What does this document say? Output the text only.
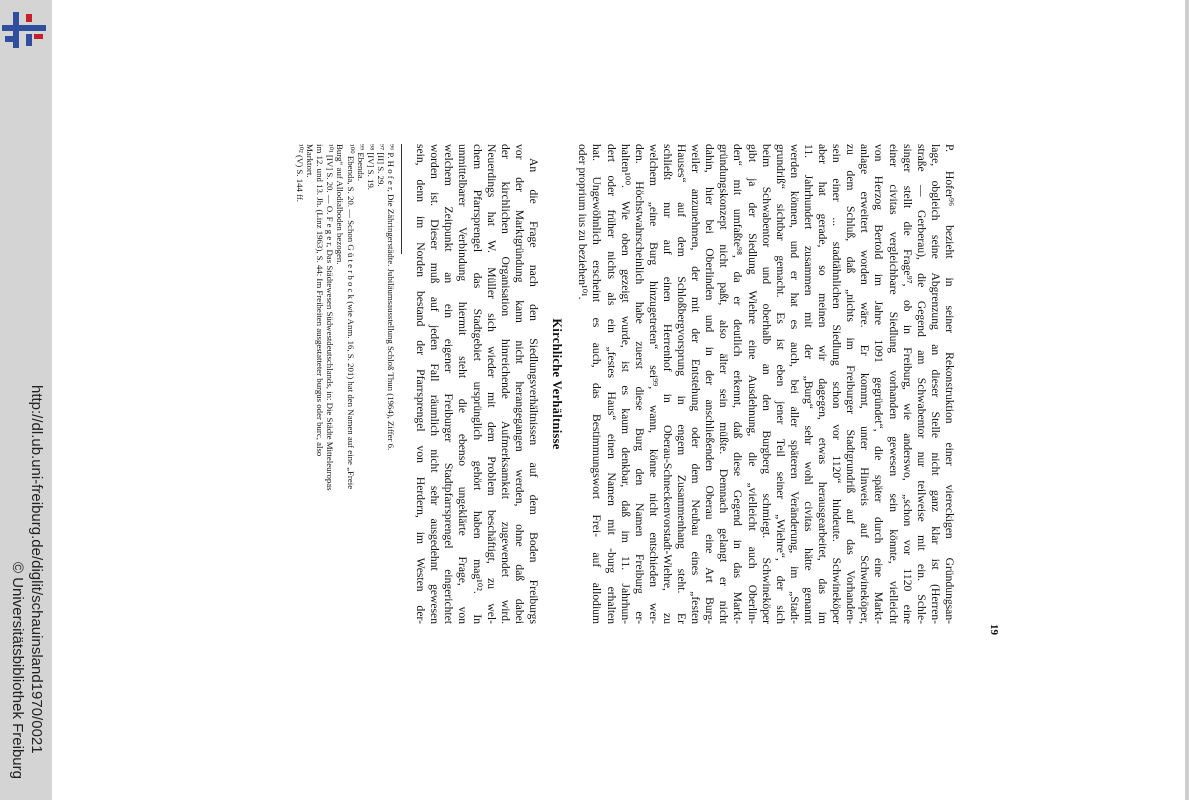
http://dl.ub.uni-freiburg.de/diglit/schauinsland1970/0021
© Universitätsbibliothek Freiburg	19
P. Hofer⁹⁶ bezieht in seiner Rekonstruktion einer viereckigen Gründungsan-
lage, obgleich seine Abgrenzung an dieser Stelle nicht ganz klar ist (Herren-
straße — Gerberau), die Gegend am Schwabentor nur teilweise mit ein. Schle-
singer stellt die Frage⁹⁷, ob in Freiburg, wie anderswo, „schon vor 1120 eine
einer civitas vergleichbare Siedlung vorhanden gewesen sein könnte, vielleicht
von Herzog Bertold im Jahre 1091 gegründet“, die später durch eine Markt-
anlage erweitert worden wäre. Er kommt, unter Hinweis auf Schwineköper,
zu dem Schluß, daß „nichts im Freiburger Stadtgrundriß auf das Vorhanden-
sein einer ... stadtähnlichen Siedlung schon vor 1120“ hindeute. Schwineköper
aber hat gerade, so meinen wir dagegen, etwas herausgearbeitet, das im
11. Jahrhundert zusammen mit der „Burg“ sehr wohl civitas hätte genannt
werden können, und er hat es auch, bei aller späteren Veränderung, im „Stadt-
grundriß“ sichtbar gemacht. Es ist eben jener Teil seiner „Wiehre“, der sich
beim Schwabentor und oberhalb an den Burgberg schmiegt. Schwineköper
gibt ja der Siedlung Wiehre eine Ausdehnung, die „vielleicht auch Oberlin-
den“ mit umfaßte⁹⁸, da er deutlich erkennt, daß diese Gegend in das Markt-
gründungskonzept nicht paßt, also älter sein müßte. Demnach gelangt er nicht
dahin, hier bei Oberlinden und in der anschließenden Oberau eine Art Burg-
weiler anzunehmen, der mit der Entstehung oder dem Neubau eines „festen
Hauses“ auf dem Schloßbergvorsprung in engem Zusammenhang steht. Er
schließt nur auf einen Herrenhof in Oberau-Schneckenvorstadt-Wiehre, zu
welchem „eine Burg hinzugetreten“ sei⁹⁹, wann, könne nicht entschieden wer-
den. Höchstwahrscheinlich habe zuerst diese Burg den Namen Freiburg er-
halten¹⁰⁰. Wie oben gezeigt wurde, ist es kaum denkbar, daß im 11. Jahrhun-
dert oder früher nichts als ein „festes Haus“ einen Namen mit -burg erhalten
hat. Ungewöhnlich erscheint es auch, das Bestimmungswort Frei- auf allodium
oder proprium ius zu beziehen¹⁰¹.
Kirchliche Verhältnisse
An die Frage nach den Siedlungsverhältnissen auf dem Boden Freiburgs
vor der Marktgründung kann nicht herangegangen werden, ohne daß dabei
der kirchlichen Organisation hinreichende Aufmerksamkeit zugewendet wird.
Neuerdings hat W. Müller sich wieder mit dem Problem beschäftigt, zu wel-
chem Pfarrsprengel das Stadtgebiet ursprünglich gehört haben mag¹⁰². In
unmittelbarer Verbindung hiermit steht die ebenso ungeklärte Frage, von
welchem Zeitpunkt an ein eigener Freiburger Stadtpfarrsprengel eingerichtet
worden ist. Dieser muß auf jeden Fall räumlich nicht sehr ausgedehnt gewesen
sein, denn im Norden bestand der Pfarrsprengel von Herdern, im Westen der-
⁹⁶ P. H o f e r, Die Zähringerstädte. Jubiläumsausstellung Schloß Thun (1964), Ziffer 6.
⁹⁷ [II] S. 29.
⁹⁸ [IV] S. 19.
⁹⁹ Ebenda.
¹⁰⁰ Ebenda, S. 20. — Schon G ü t e r b o c k (wie Anm. 16, S. 201) hat den Namen auf eine „Freie
Burg“ auf Allodialboden bezogen.
¹⁰¹ [IV] S. 20. — O. F e g e r, Das Städtewesen Südwestdeutschlands, in: Die Städte Mitteleuropas
im 12. und 13. Jh. (Linz 1963), S. 44: Im Freiheiten ausgestatteter burgus oder burc, also
Marktort.
¹⁰² (V) S. 144 ff.
